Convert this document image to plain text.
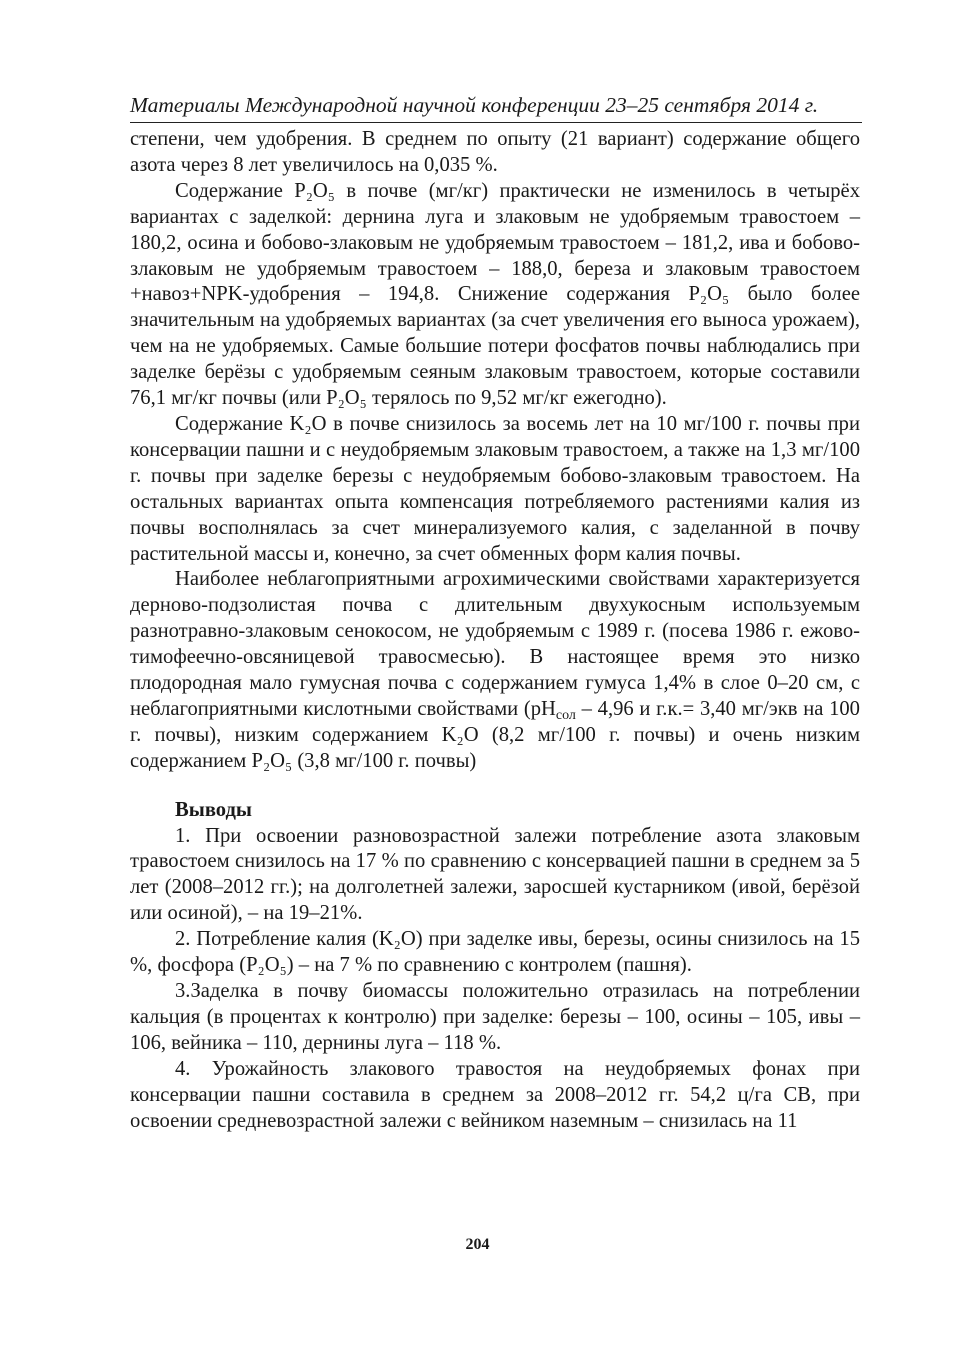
Материалы Международной научной конференции 23–25 сентября 2014 г.

степени, чем удобрения. В среднем по опыту (21 вариант) содержание общего азота через 8 лет увеличилось на 0,035 %.

Содержание P₂O₅ в почве (мг/кг) практически не изменилось в четырёх вариантах с заделкой: дернина луга и злаковым не удобряемым травостоем – 180,2, осина и бобово-злаковым не удобряемым травостоем – 181,2, ива и бобово-злаковым не удобряемым травостоем – 188,0, береза и злаковым травостоем +навоз+NPK-удобрения – 194,8. Снижение содержания P₂O₅ было более значительным на удобряемых вариантах (за счет увеличения его выноса урожаем), чем на не удобряемых. Самые большие потери фосфатов почвы наблюдались при заделке берёзы с удобряемым сеяным злаковым травостоем, которые составили 76,1 мг/кг почвы (или P₂O₅ терялось по 9,52 мг/кг ежегодно).

Содержание K₂O в почве снизилось за восемь лет на 10 мг/100 г. почвы при консервации пашни и с неудобряемым злаковым травостоем, а также на 1,3 мг/100 г. почвы при заделке березы с неудобряемым бобово-злаковым травостоем. На остальных вариантах опыта компенсация потребляемого растениями калия из почвы восполнялась за счет минерализуемого калия, с заделанной в почву растительной массы и, конечно, за счет обменных форм калия почвы.

Наиболее неблагоприятными агрохимическими свойствами характеризуется дерново-подзолистая почва с длительным двухукосным используемым разнотравно-злаковым сенокосом, не удобряемым с 1989 г. (посева 1986 г. ежово-тимофеечно-овсяницевой травосмесью). В настоящее время это низко плодородная мало гумусная почва с содержанием гумуса 1,4% в слое 0–20 см, с неблагоприятными кислотными свойствами (pHсол – 4,96 и г.к.= 3,40 мг/экв на 100 г. почвы), низким содержанием K₂O (8,2 мг/100 г. почвы) и очень низким содержанием P₂O₅ (3,8 мг/100 г. почвы)

Выводы

1. При освоении разновозрастной залежи потребление азота злаковым травостоем снизилось на 17 % по сравнению с консервацией пашни в среднем за 5 лет (2008–2012 гг.); на долголетней залежи, заросшей кустарником (ивой, берёзой или осиной), – на 19–21%.

2. Потребление калия (K₂O) при заделке ивы, березы, осины снизилось на 15 %, фосфора (P₂O₅) – на 7 % по сравнению с контролем (пашня).

3.Заделка в почву биомассы положительно отразилась на потреблении кальция (в процентах к контролю) при заделке: березы – 100, осины – 105, ивы – 106, вейника – 110, дернины луга – 118 %.

4. Урожайность злакового травостоя на неудобряемых фонах при консервации пашни составила в среднем за 2008–2012 гг. 54,2 ц/га СВ, при освоении средневозрастной залежи с вейником наземным – снизилась на 11

204
